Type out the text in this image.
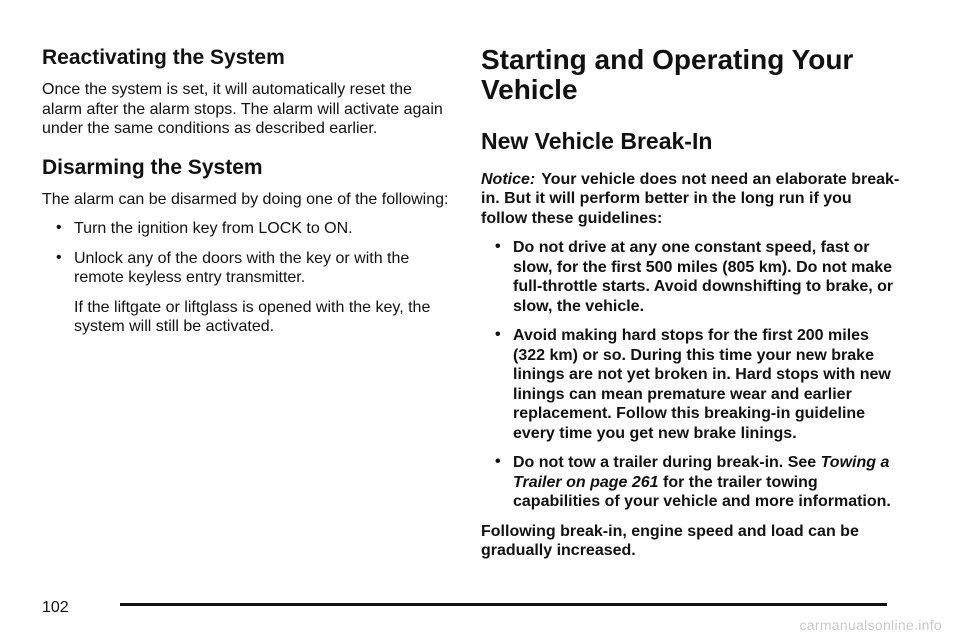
Reactivating the System

Once the system is set, it will automatically reset the alarm after the alarm stops. The alarm will activate again under the same conditions as described earlier.

Disarming the System

The alarm can be disarmed by doing one of the following:

• Turn the ignition key from LOCK to ON.
• Unlock any of the doors with the key or with the remote keyless entry transmitter.

If the liftgate or liftglass is opened with the key, the system will still be activated.

Starting and Operating Your Vehicle
New Vehicle Break-In

Notice: Your vehicle does not need an elaborate break-in. But it will perform better in the long run if you follow these guidelines:

• Do not drive at any one constant speed, fast or slow, for the first 500 miles (805 km). Do not make full-throttle starts. Avoid downshifting to brake, or slow, the vehicle.
• Avoid making hard stops for the first 200 miles (322 km) or so. During this time your new brake linings are not yet broken in. Hard stops with new linings can mean premature wear and earlier replacement. Follow this breaking-in guideline every time you get new brake linings.
• Do not tow a trailer during break-in. See Towing a Trailer on page 261 for the trailer towing capabilities of your vehicle and more information.

Following break-in, engine speed and load can be gradually increased.

102
carmanualsonline.info
